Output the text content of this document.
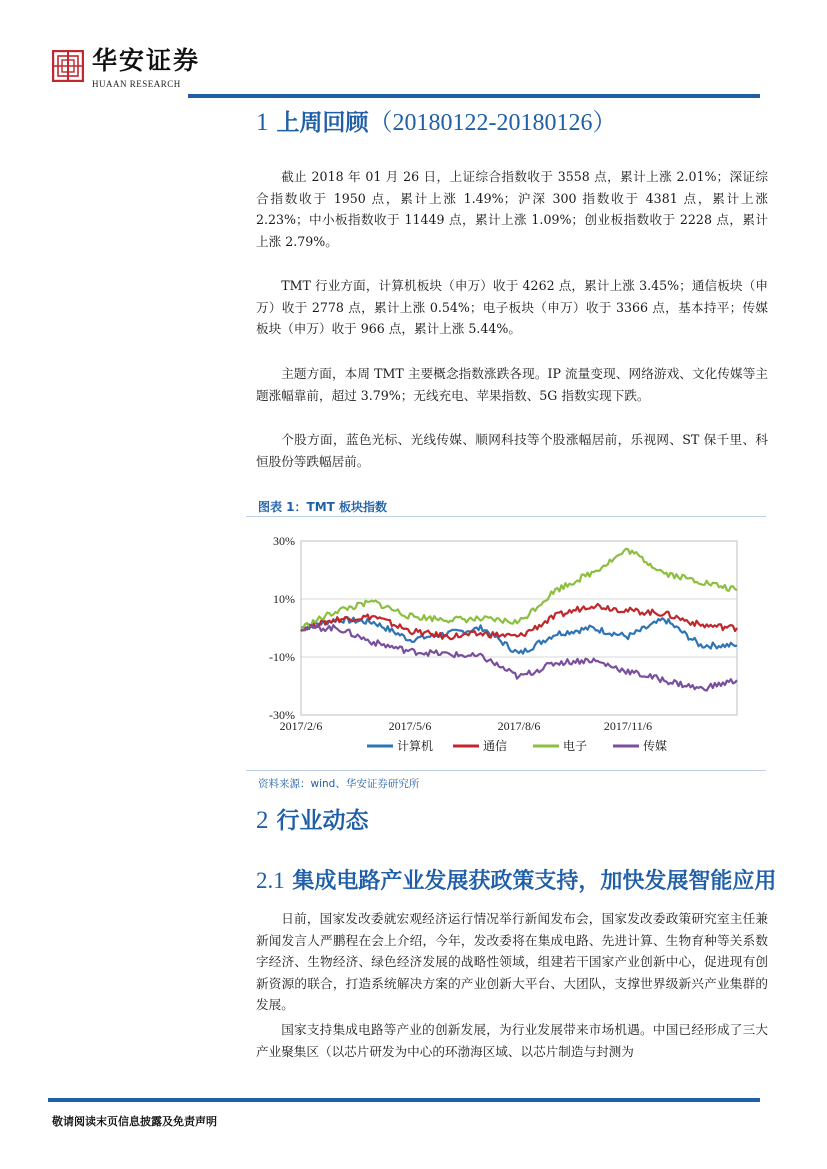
华安证券
HUAAN RESEARCH
1 上周回顾（20180122-20180126）
截止 2018 年 01 月 26 日，上证综合指数收于 3558 点，累计上涨 2.01%；深证综合指数收于 1950 点，累计上涨 1.49%；沪深 300 指数收于 4381 点，累计上涨 2.23%；中小板指数收于 11449 点，累计上涨 1.09%；创业板指数收于 2228 点，累计上涨 2.79%。
TMT 行业方面，计算机板块（申万）收于 4262 点，累计上涨 3.45%；通信板块（申万）收于 2778 点，累计上涨 0.54%；电子板块（申万）收于 3366 点，基本持平；传媒板块（申万）收于 966 点，累计上涨 5.44%。
主题方面，本周 TMT 主要概念指数涨跌各现。IP 流量变现、网络游戏、文化传媒等主题涨幅靠前，超过 3.79%；无线充电、苹果指数、5G 指数实现下跌。
个股方面，蓝色光标、光线传媒、顺网科技等个股涨幅居前，乐视网、ST 保千里、科恒股份等跌幅居前。
图表 1：TMT 板块指数
30%
10%
-10%
-30%
2017/2/6	2017/5/6	2017/8/6	2017/11/6
计算机	通信	电子	传媒
资料来源：wind、华安证券研究所
2 行业动态
2.1 集成电路产业发展获政策支持，加快发展智能应用
日前，国家发改委就宏观经济运行情况举行新闻发布会，国家发改委政策研究室主任兼新闻发言人严鹏程在会上介绍，今年，发改委将在集成电路、先进计算、生物育种等关系数字经济、生物经济、绿色经济发展的战略性领域，组建若干国家产业创新中心，促进现有创新资源的联合，打造系统解决方案的产业创新大平台、大团队，支撑世界级新兴产业集群的发展。
国家支持集成电路等产业的创新发展，为行业发展带来市场机遇。中国已经形成了三大产业聚集区（以芯片研发为中心的环渤海区域、以芯片制造与封测为
敬请阅读末页信息披露及免责声明
